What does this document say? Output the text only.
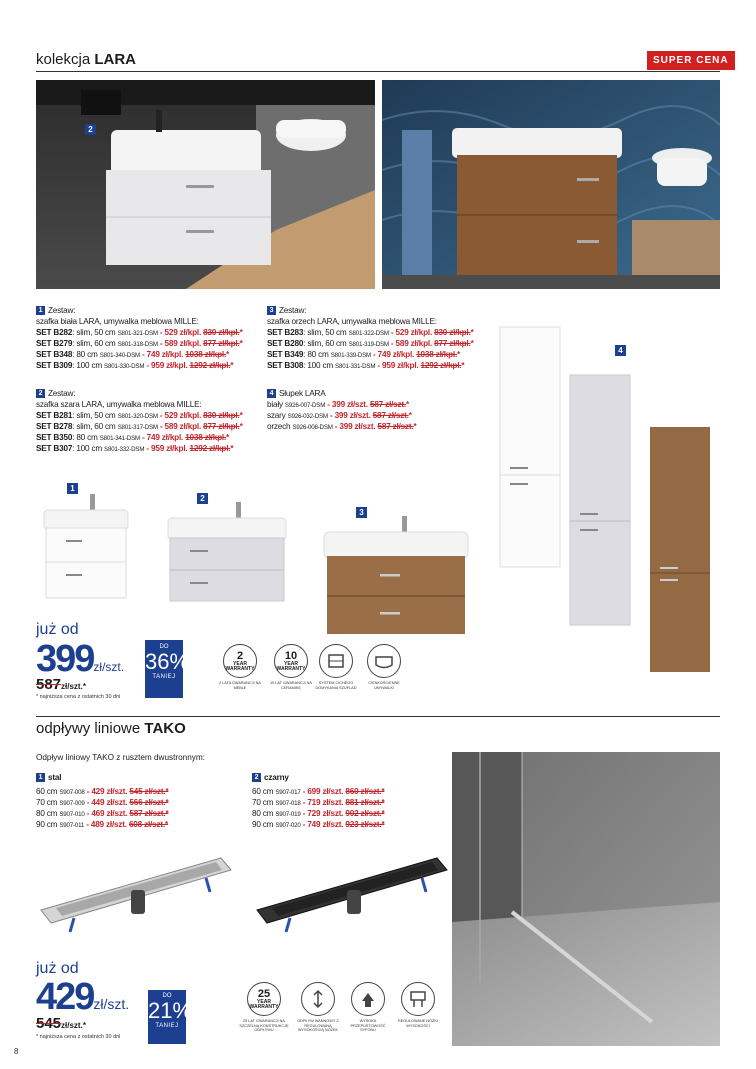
kolekcja LARA	SUPER CENA
2
1 Zestaw:
szafka biała LARA, umywalka meblowa MILLE:
SET B282: slim, 50 cm S801-321-DSM - 529 zł/kpl. 830 zł/kpl.*
SET B279: slim, 60 cm S801-318-DSM - 589 zł/kpl. 877 zł/kpl.*
SET B348: 80 cm S801-340-DSM - 749 zł/kpl. 1038 zł/kpl.*
SET B309: 100 cm S801-330-DSM - 959 zł/kpl. 1292 zł/kpl.*
2 Zestaw:
szafka szara LARA, umywalka meblowa MILLE:
SET B281: slim, 50 cm S801-320-DSM - 529 zł/kpl. 830 zł/kpl.*
SET B278: slim, 60 cm S801-317-DSM - 589 zł/kpl. 877 zł/kpl.*
SET B350: 80 cm S801-341-DSM - 749 zł/kpl. 1038 zł/kpl.*
SET B307: 100 cm S801-332-DSM - 959 zł/kpl. 1292 zł/kpl.*
3 Zestaw:
szafka orzech LARA, umywalka meblowa MILLE:
SET B283: slim, 50 cm S801-322-DSM - 529 zł/kpl. 830 zł/kpl.*
SET B280: slim, 60 cm S801-319-DSM - 589 zł/kpl. 877 zł/kpl.*
SET B349: 80 cm S801-339-DSM - 749 zł/kpl. 1038 zł/kpl.*
SET B308: 100 cm S801-331-DSM - 959 zł/kpl. 1292 zł/kpl.*
4 Słupek LARA
biały S926-007-DSM - 399 zł/szt. 587 zł/szt.*
szary S926-032-DSM - 399 zł/szt. 587 zł/szt.*
orzech S926-008-DSM - 399 zł/szt. 587 zł/szt.*
1
2
3
4
już od
399zł/szt.
587zł/szt.*
* najniższa cena z ostatnich 30 dni
DO
36%
TANIEJ
2
YEAR
WARRANTY
2 LATA GWARANCJI NA MEBLE
10
YEAR
WARRANTY
10 LAT GWARANCJI NA CERAMIKĘ
SYSTEM CICHEGO DOMYKANIA SZUFLAD
CIENKOŚCIENNE UMYWALKI
odpływy liniowe TAKO
Odpływ liniowy TAKO z rusztem dwustronnym:
1 stal
60 cm S907-008 - 429 zł/szt. 545 zł/szt.*
70 cm S907-009 - 449 zł/szt. 566 zł/szt.*
80 cm S907-010 - 469 zł/szt. 587 zł/szt.*
90 cm S907-011 - 489 zł/szt. 608 zł/szt.*
2 czarny
60 cm S907-017 - 699 zł/szt. 860 zł/szt.*
70 cm S907-018 - 719 zł/szt. 881 zł/szt.*
80 cm S907-019 - 729 zł/szt. 902 zł/szt.*
90 cm S907-020 - 749 zł/szt. 923 zł/szt.*
już od
429zł/szt.
545zł/szt.*
* najniższa cena z ostatnich 30 dni
DO
21%
TANIEJ
25
YEAR
WARRANTY
25 LAT GWARANCJI NA SZCZELNĄ KONSTRUKCJĘ ODPŁYWU
ODPŁYW WANNOWY Z REGULOWANĄ WYSOKOŚCIĄ NÓŻEK
WYSOKA PRZEPUSTOWOŚĆ SYFONU
REGULOWANE NÓŻKI WYSOKOŚCI
8
